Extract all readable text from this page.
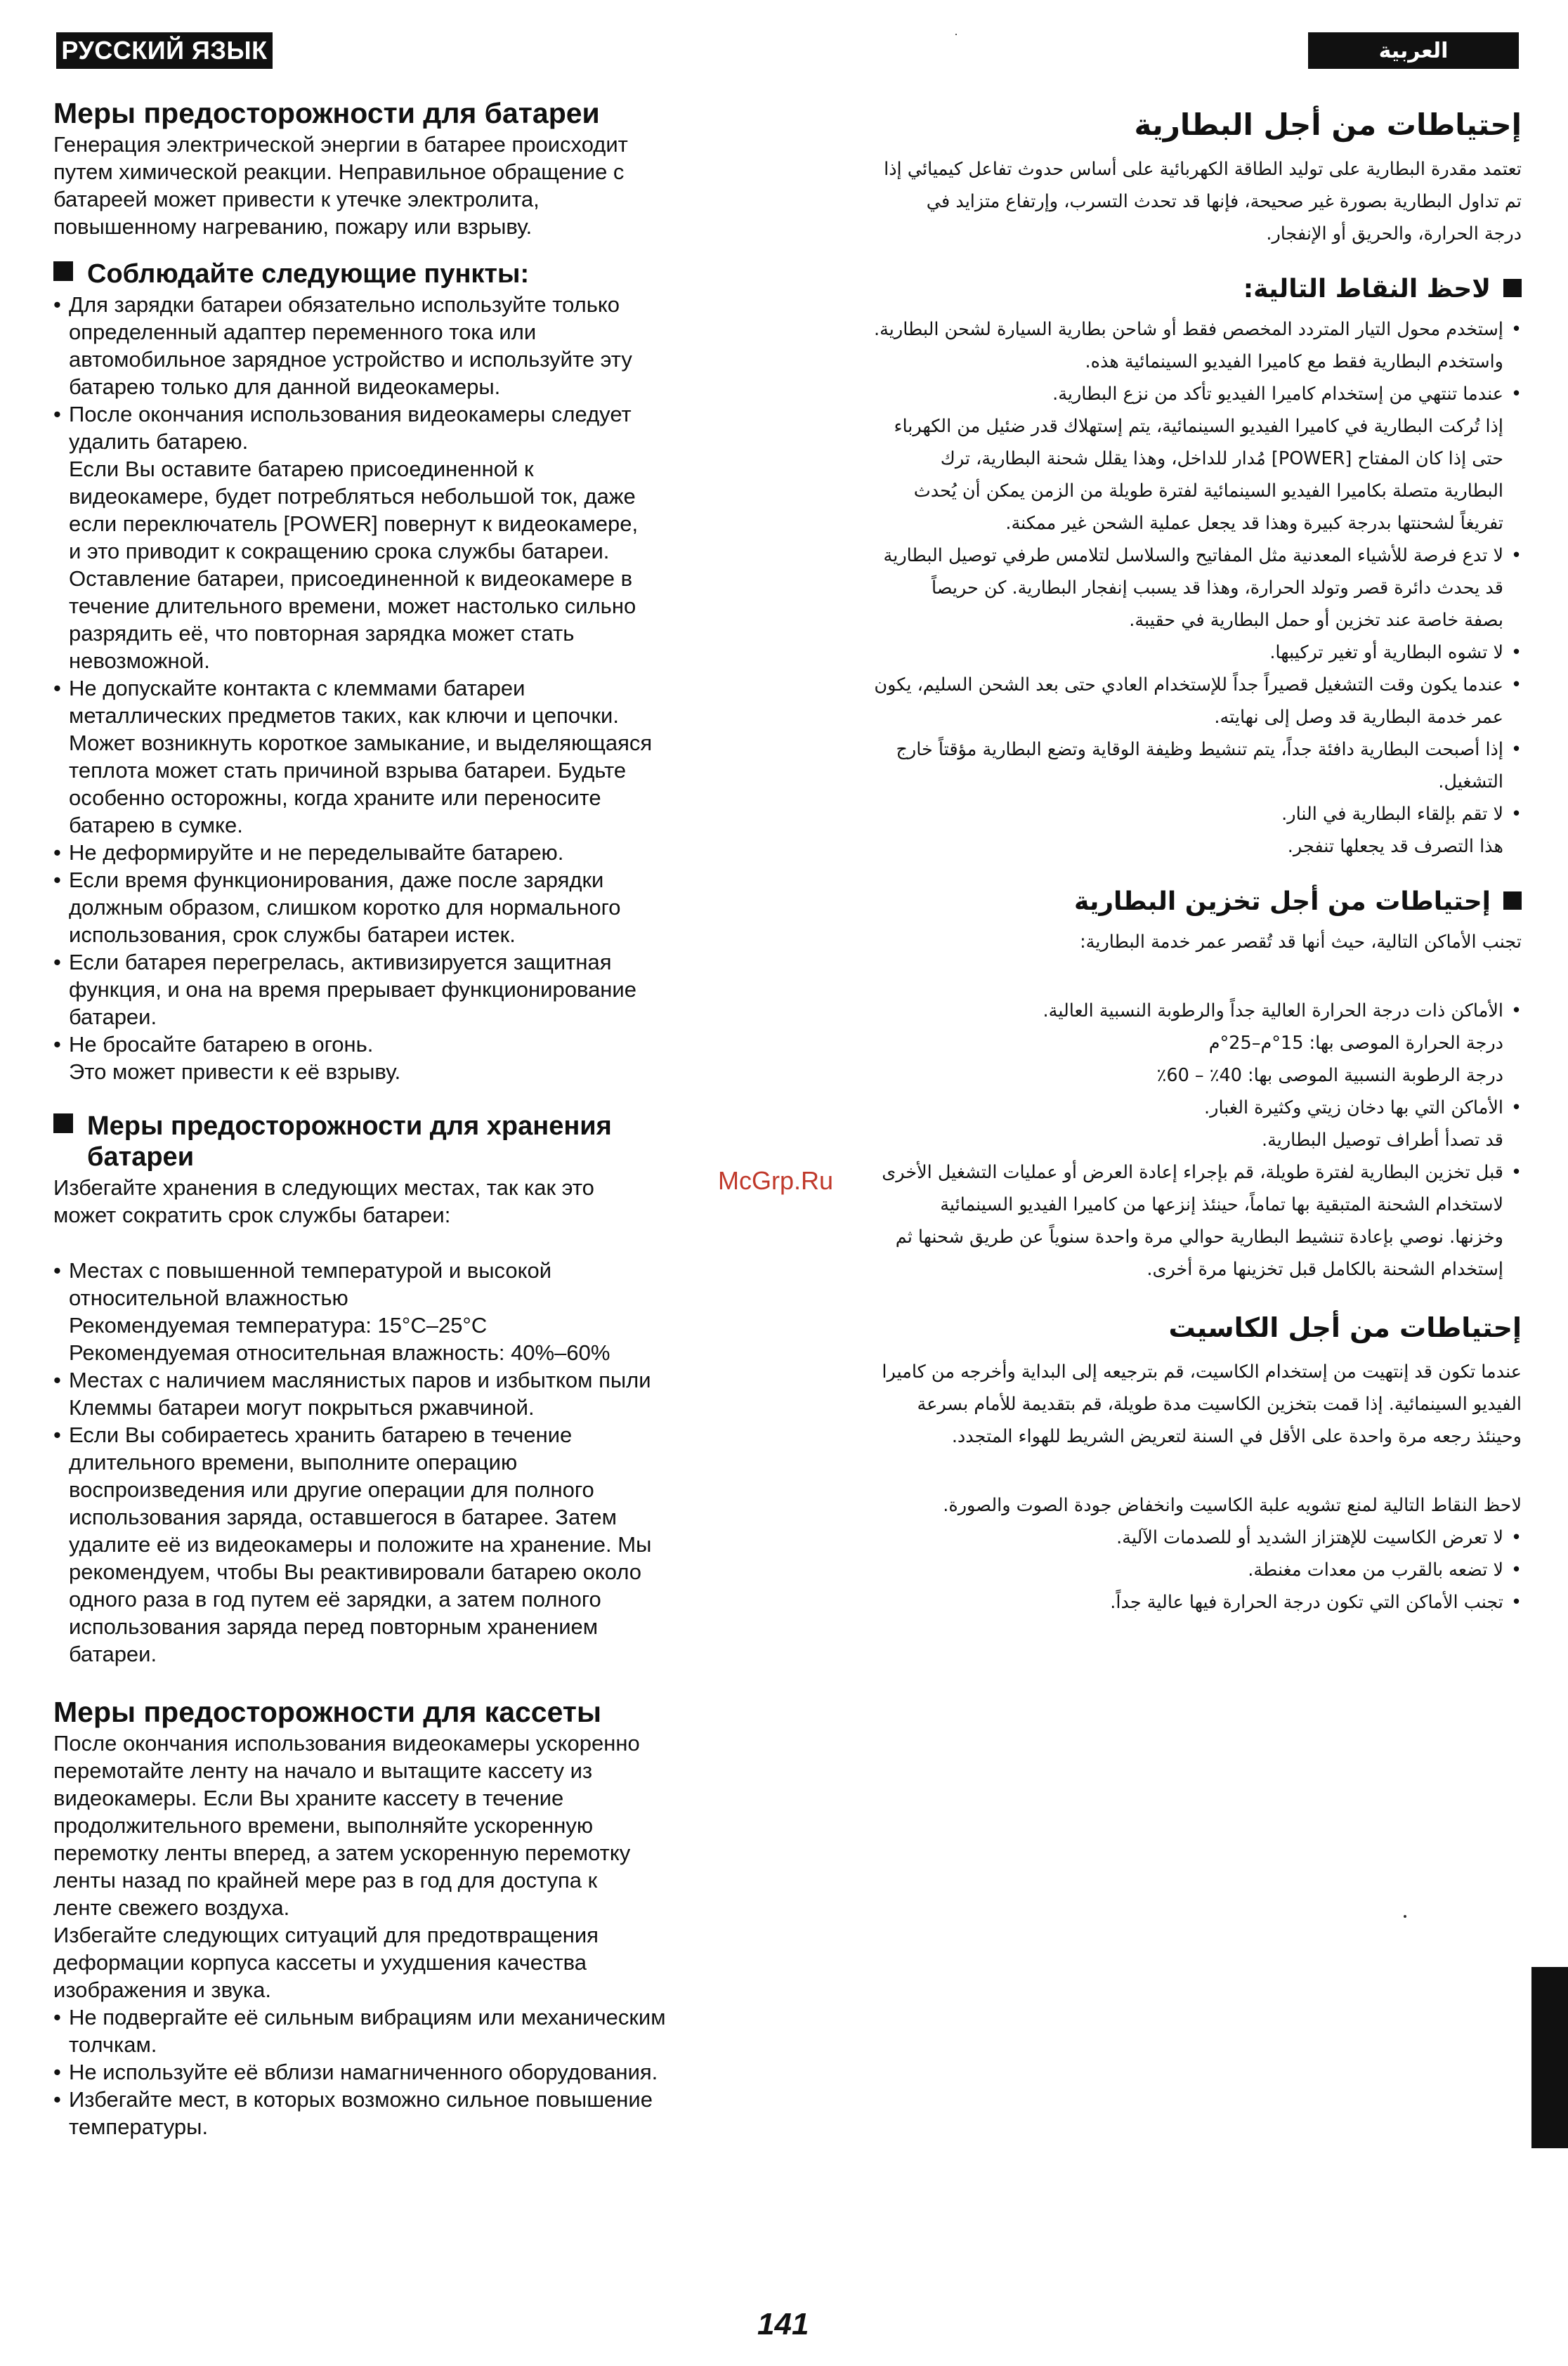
РУССКИЙ ЯЗЫК	العربية
Меры предосторожности для батареи

Генерация электрической энергии в батарее происходит

путем химической реакции. Неправильное обращение с

батареей может привести к утечке электролита,

повышенному нагреванию, пожару или взрыву.

Соблюдайте следующие пункты:
• Для зарядки батареи обязательно используйте только
определенный адаптер переменного тока или
автомобильное зарядное устройство и используйте эту
батарею только для данной видеокамеры.
• После окончания использования видеокамеры следует
удалить батарею.
Если Вы оставите батарею присоединенной к
видеокамере, будет потребляться небольшой ток, даже
если переключатель [POWER] повернут к видеокамере,
и это приводит к сокращению срока службы батареи.
Оставление батареи, присоединенной к видеокамере в
течение длительного времени, может настолько сильно
разрядить её, что повторная зарядка может стать
невозможной.
• Не допускайте контакта с клеммами батареи
металлических предметов таких, как ключи и цепочки.
Может возникнуть короткое замыкание, и выделяющаяся
теплота может стать причиной взрыва батареи. Будьте
особенно осторожны, когда храните или переносите
батарею в сумке.
• Не деформируйте и не переделывайте батарею.
• Если время функционирования, даже после зарядки
должным образом, слишком коротко для нормального
использования, срок службы батареи истек.
• Если батарея перегрелась, активизируется защитная
функция, и она на время прерывает функционирование
батареи.
• Не бросайте батарею в огонь.
Это может привести к её взрыву.
Меры предосторожности для хранения
батареи

Избегайте хранения в следующих местах, так как это

может сократить срок службы батареи:

• Местах с повышенной температурой и высокой
относительной влажностью
Рекомендуемая температура: 15°C–25°C
Рекомендуемая относительная влажность: 40%–60%
• Местах с наличием маслянистых паров и избытком пыли
Клеммы батареи могут покрыться ржавчиной.
• Если Вы собираетесь хранить батарею в течение
длительного времени, выполните операцию
воспроизведения или другие операции для полного
использования заряда, оставшегося в батарее. Затем
удалите её из видеокамеры и положите на хранение. Мы
рекомендуем, чтобы Вы реактивировали батарею около
одного раза в год путем её зарядки, а затем полного
использования заряда перед повторным хранением
батареи.
Меры предосторожности для кассеты

После окончания использования видеокамеры ускоренно

перемотайте ленту на начало и вытащите кассету из

видеокамеры. Если Вы храните кассету в течение

продолжительного времени, выполняйте ускоренную

перемотку ленты вперед, а затем ускоренную перемотку

ленты назад по крайней мере раз в год для доступа к

ленте свежего воздуха.

Избегайте следующих ситуаций для предотвращения

деформации корпуса кассеты и ухудшения качества

изображения и звука.

• Не подвергайте её сильным вибрациям или механическим
толчкам.
• Не используйте её вблизи намагниченного оборудования.
• Избегайте мест, в которых возможно сильное повышение
температуры.
إحتياطات من أجل البطارية

تعتمد مقدرة البطارية على توليد الطاقة الكهربائية على أساس حدوث تفاعل كيميائي إذا

تم تداول البطارية بصورة غير صحيحة، فإنها قد تحدث التسرب، وإرتفاع متزايد في

درجة الحرارة، والحريق أو الإنفجار.

لاحظ النقاط التالية:
•
إستخدم محول التيار المتردد المخصص فقط أو شاحن بطارية السيارة لشحن البطارية.
واستخدم البطارية فقط مع كاميرا الفيديو السينمائية هذه.
•
عندما تنتهي من إستخدام كاميرا الفيديو تأكد من نزع البطارية.
إذا تُركت البطارية في كاميرا الفيديو السينمائية، يتم إستهلاك قدر ضئيل من الكهرباء
حتى إذا كان المفتاح [POWER] مُدار للداخل، وهذا يقلل شحنة البطارية، ترك
البطارية متصلة بكاميرا الفيديو السينمائية لفترة طويلة من الزمن يمكن أن يُحدث
تفريغاً لشحنتها بدرجة كبيرة وهذا قد يجعل عملية الشحن غير ممكنة.
•
لا تدع فرصة للأشياء المعدنية مثل المفاتيح والسلاسل لتلامس طرفي توصيل البطارية
قد يحدث دائرة قصر وتولد الحرارة، وهذا قد يسبب إنفجار البطارية. كن حريصاً
بصفة خاصة عند تخزين أو حمل البطارية في حقيبة.
•
لا تشوه البطارية أو تغير تركيبها.
•
عندما يكون وقت التشغيل قصيراً جداً للإستخدام العادي حتى بعد الشحن السليم، يكون
عمر خدمة البطارية قد وصل إلى نهايته.
•
إذا أصبحت البطارية دافئة جداً، يتم تنشيط وظيفة الوقاية وتضع البطارية مؤقتاً خارج
التشغيل.
•
لا تقم بإلقاء البطارية في النار.
هذا التصرف قد يجعلها تنفجر.
إحتياطات من أجل تخزين البطارية

تجنب الأماكن التالية، حيث أنها قد تُقصر عمر خدمة البطارية:

•
الأماكن ذات درجة الحرارة العالية جداً والرطوبة النسبية العالية.
درجة الحرارة الموصى بها: 15°م–25°م
درجة الرطوبة النسبية الموصى بها: 40٪ – 60٪
•
الأماكن التي بها دخان زيتي وكثيرة الغبار.
قد تصدأ أطراف توصيل البطارية.
•
قبل تخزين البطارية لفترة طويلة، قم بإجراء إعادة العرض أو عمليات التشغيل الأخرى
لاستخدام الشحنة المتبقية بها تماماً، حينئذ إنزعها من كاميرا الفيديو السينمائية
وخزنها. نوصي بإعادة تنشيط البطارية حوالي مرة واحدة سنوياً عن طريق شحنها ثم
إستخدام الشحنة بالكامل قبل تخزينها مرة أخرى.
إحتياطات من أجل الكاسيت

عندما تكون قد إنتهيت من إستخدام الكاسيت، قم بترجيعه إلى البداية وأخرجه من كاميرا

الفيديو السينمائية. إذا قمت بتخزين الكاسيت مدة طويلة، قم بتقديمة للأمام بسرعة

وحينئذ رجعه مرة واحدة على الأقل في السنة لتعريض الشريط للهواء المتجدد.

لاحظ النقاط التالية لمنع تشويه علبة الكاسيت وانخفاض جودة الصوت والصورة.

•
لا تعرض الكاسيت للإهتزاز الشديد أو للصدمات الآلية.
•
لا تضعه بالقرب من معدات مغنطة.
•
تجنب الأماكن التي تكون درجة الحرارة فيها عالية جداً.
McGrp.Ru
141
